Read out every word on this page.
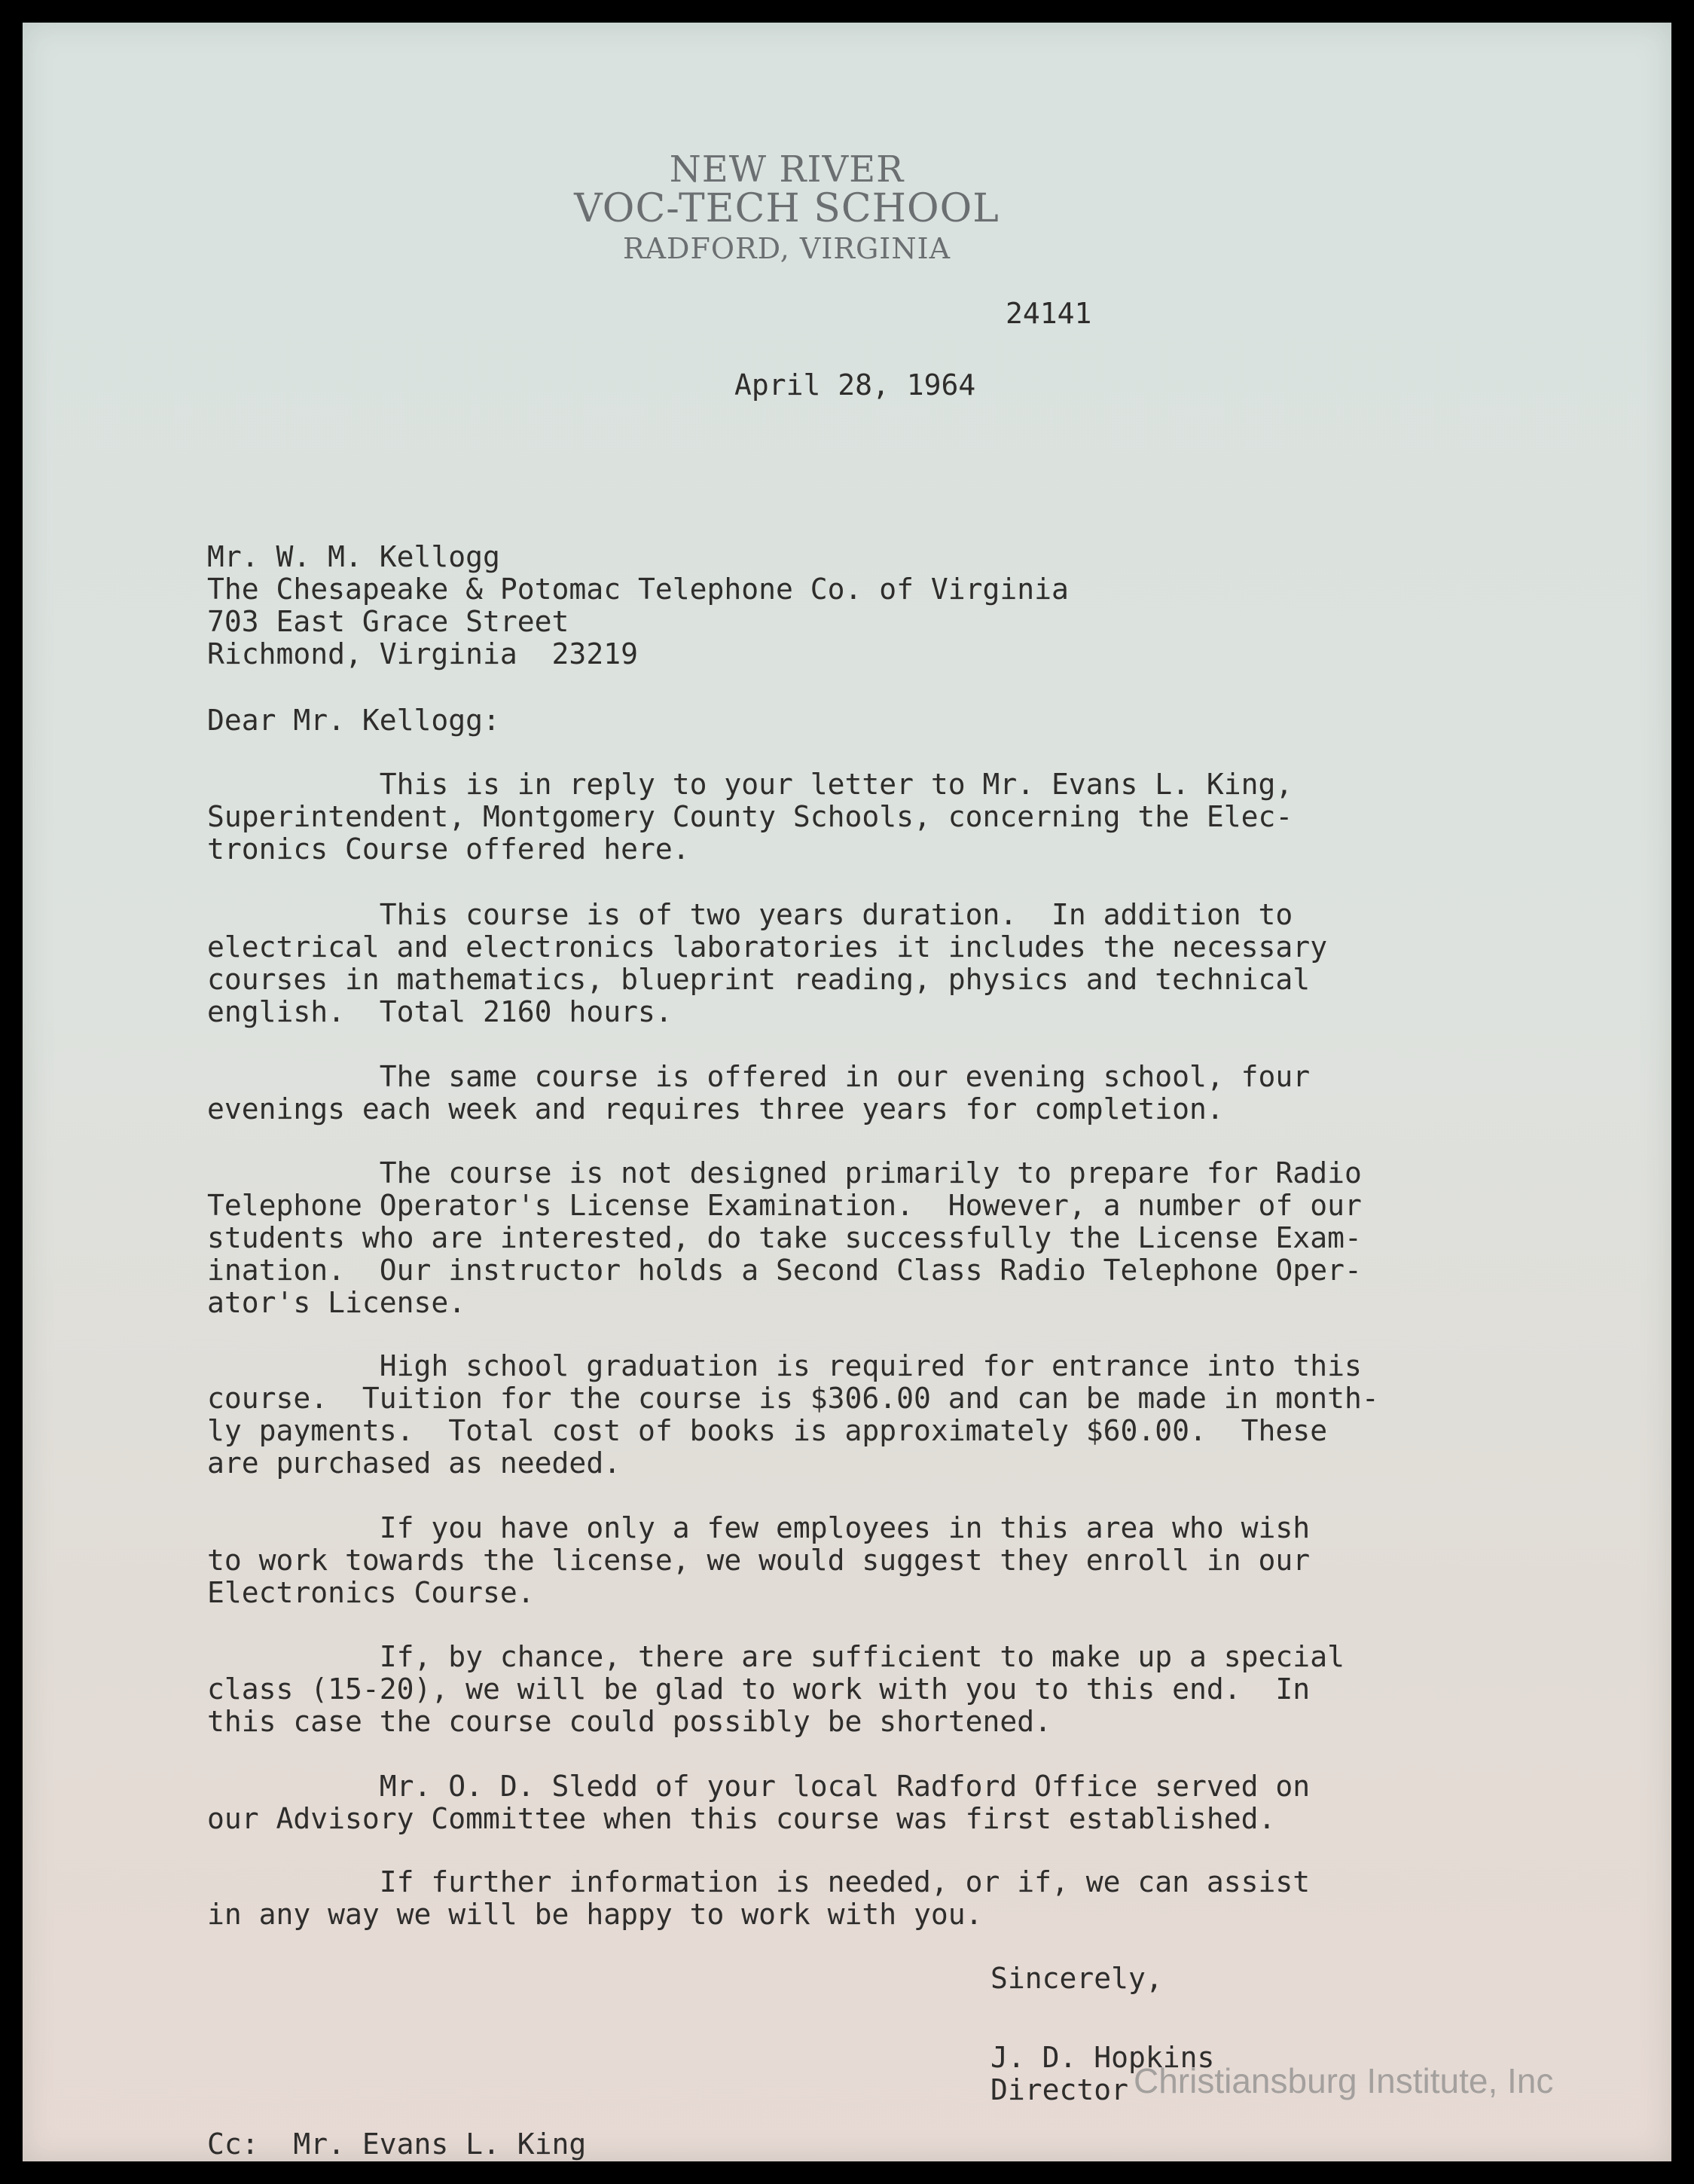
NEW RIVER
VOC-TECH SCHOOL
RADFORD, VIRGINIA
24141
April 28, 1964
Mr. W. M. Kellogg
The Chesapeake & Potomac Telephone Co. of Virginia
703 East Grace Street
Richmond, Virginia  23219
Dear Mr. Kellogg:
This is in reply to your letter to Mr. Evans L. King,
Superintendent, Montgomery County Schools, concerning the Elec-
tronics Course offered here.
This course is of two years duration.  In addition to
electrical and electronics laboratories it includes the necessary
courses in mathematics, blueprint reading, physics and technical
english.  Total 2160 hours.
The same course is offered in our evening school, four
evenings each week and requires three years for completion.
The course is not designed primarily to prepare for Radio
Telephone Operator's License Examination.  However, a number of our
students who are interested, do take successfully the License Exam-
ination.  Our instructor holds a Second Class Radio Telephone Oper-
ator's License.
High school graduation is required for entrance into this
course.  Tuition for the course is $306.00 and can be made in month-
ly payments.  Total cost of books is approximately $60.00.  These
are purchased as needed.
If you have only a few employees in this area who wish
to work towards the license, we would suggest they enroll in our
Electronics Course.
If, by chance, there are sufficient to make up a special
class (15-20), we will be glad to work with you to this end.  In
this case the course could possibly be shortened.
Mr. O. D. Sledd of your local Radford Office served on
our Advisory Committee when this course was first established.
If further information is needed, or if, we can assist
in any way we will be happy to work with you.
Sincerely,
J. D. Hopkins
Director
Cc:  Mr. Evans L. King
Christiansburg Institute, Inc
